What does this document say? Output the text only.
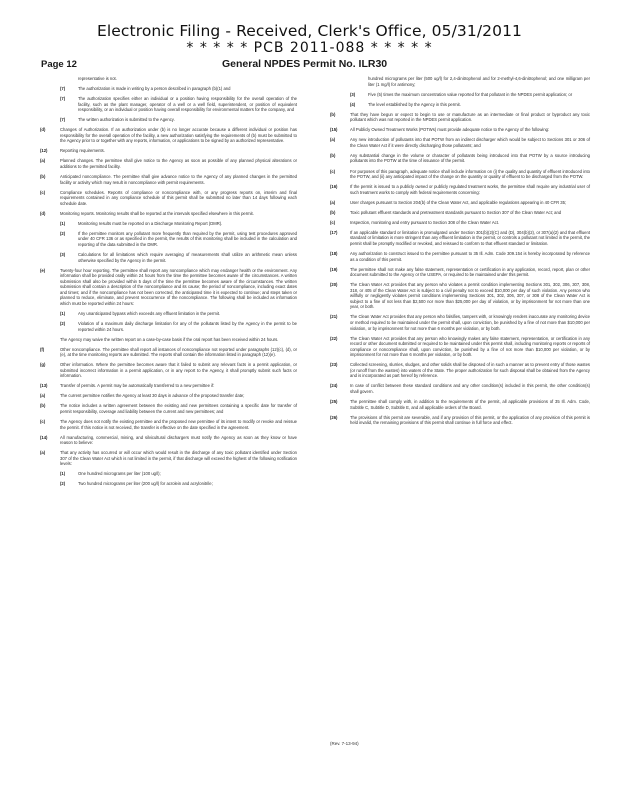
Electronic Filing - Received, Clerk's Office, 05/31/2011
* * * * * PCB 2011-088 * * * * *
Page 12	General NPDES Permit No. ILR30
representative is not.
(7)	The authorization is made in writing by a person described in paragraph (b)(1) and
(7)	The authorization specifies either an individual or a position having responsibility for the overall operation of the facility, such as the plant manager, operator of a well or a well field, superintendent, or position of equivalent responsibility, or an individual or position having overall responsibility for environmental matters for the company, and
(7)	The written authorization is submitted to the Agency.
(d)	Changes of Authorization. If an authorization under (b) is no longer accurate because a different individual or position has responsibility for the overall operation of the facility, a new authorization satisfying the requirements of (b) must be submitted to the Agency prior to or together with any reports, information, or applications to be signed by an authorized representative.
(12)	Reporting requirements.
(a)	Planned changes. The permittee shall give notice to the Agency as soon as possible of any planned physical alterations or additions to the permitted facility.
(b)	Anticipated noncompliance. The permittee shall give advance notice to the Agency of any planned changes in the permitted facility or activity which may result in noncompliance with permit requirements.
(c)	Compliance schedules. Reports of compliance or noncompliance with, or any progress reports on, interim and final requirements contained in any compliance schedule of this permit shall be submitted no later than 14 days following each schedule date.
(d)	Monitoring reports. Monitoring results shall be reported at the intervals specified elsewhere in this permit.
(1)	Monitoring results must be reported on a Discharge Monitoring Report (DMR).
(2)	If the permittee monitors any pollutant more frequently than required by the permit, using test procedures approved under 40 CFR 136 or as specified in the permit, the results of this monitoring shall be included in the calculation and reporting of the data submitted in the DMR.
(3)	Calculations for all limitations which require averaging of measurements shall utilize an arithmetic mean unless otherwise specified by the Agency in the permit.
(e)	Twenty-four hour reporting. The permittee shall report any noncompliance which may endanger health or the environment. Any information shall be provided orally within 24 hours from the time the permittee becomes aware of the circumstances. A written submission shall also be provided within 5 days of the time the permittee becomes aware of the circumstances. The written submission shall contain a description of the noncompliance and its cause; the period of noncompliance, including exact dates and times; and if the noncompliance has not been corrected, the anticipated time it is expected to continue; and steps taken or planned to reduce, eliminate, and prevent reoccurrence of the noncompliance. The following shall be included as information which must be reported within 24 hours:
(1)	Any unanticipated bypass which exceeds any effluent limitation in the permit.
(2)	Violation of a maximum daily discharge limitation for any of the pollutants listed by the Agency in the permit to be reported within 24 hours.
The Agency may waive the written report on a case-by-case basis if the oral report has been received within 24 hours.
(f)	Other noncompliance. The permittee shall report all instances of noncompliance not reported under paragraphs (12)(c), (d), or (e), at the time monitoring reports are submitted. The reports shall contain the information listed in paragraph (12)(e).
(g)	Other information. Where the permittee becomes aware that it failed to submit any relevant facts in a permit application, or submitted incorrect information in a permit application, or in any report to the Agency, it shall promptly submit such facts or information.
(13)	Transfer of permits. A permit may be automatically transferred to a new permittee if:
(a)	The current permittee notifies the Agency at least 30 days in advance of the proposed transfer date;
(b)	The notice includes a written agreement between the existing and new permittees containing a specific date for transfer of permit responsibility, coverage and liability between the current and new permittees; and
(c)	The Agency does not notify the existing permittee and the proposed new permittee of its intent to modify or revoke and reissue the permit. If this notice is not received, the transfer is effective on the date specified in the agreement.
(14)	All manufacturing, commercial, mining, and silvicultural dischargers must notify the Agency as soon as they know or have reason to believe:
(a)	That any activity has occurred or will occur which would result in the discharge of any toxic pollutant identified under Section 307 of the Clean Water Act which is not limited in the permit, if that discharge will exceed the highest of the following notification levels:
(1)	One hundred micrograms per liter (100 ug/l);
(2)	Two hundred micrograms per liter (200 ug/l) for acrolein and acrylonitrile;
hundred micrograms per liter (500 ug/l) for 2,4-dinitrophenol and for 2-methyl-4,6-dinitrophenol; and one milligram per liter (1 mg/l) for antimony;
(3)	Five (5) times the maximum concentration value reported for that pollutant in the NPDES permit application; or
(4)	The level established by the Agency in this permit.
(b)	That they have begun or expect to begin to use or manufacture as an intermediate or final product or byproduct any toxic pollutant which was not reported in the NPDES permit application.
(15)	All Publicly Owned Treatment Works (POTWs) must provide adequate notice to the Agency of the following:
(a)	Any new introduction of pollutants into that POTW from an indirect discharger which would be subject to Sections 301 or 306 of the Clean Water Act if it were directly discharging those pollutants; and
(b)	Any substantial change in the volume or character of pollutants being introduced into that POTW by a source introducing pollutants into the POTW at the time of issuance of the permit.
(c)	For purposes of this paragraph, adequate notice shall include information on (i) the quality and quantity of effluent introduced into the POTW, and (ii) any anticipated impact of the change on the quantity or quality of effluent to be discharged from the POTW.
(16)	If the permit is issued to a publicly owned or publicly regulated treatment works, the permittee shall require any industrial user of such treatment works to comply with federal requirements concerning:
(a)	User charges pursuant to Section 204(b) of the Clean Water Act, and applicable regulations appearing in 40 CFR 35;
(b)	Toxic pollutant effluent standards and pretreatment standards pursuant to Section 307 of the Clean Water Act; and
(c)	Inspection, monitoring and entry pursuant to Section 308 of the Clean Water Act.
(17)	If an applicable standard or limitation is promulgated under Section 301(b)(2)(C) and (D), 304(b)(2), or 307(a)(2) and that effluent standard or limitation is more stringent than any effluent limitation in the permit, or controls a pollutant not limited in the permit, the permit shall be promptly modified or revoked, and reissued to conform to that effluent standard or limitation.
(18)	Any authorization to construct issued to the permittee pursuant to 35 Ill. Adm. Code 309.154 is hereby incorporated by reference as a condition of this permit.
(19)	The permittee shall not make any false statement, representation or certification in any application, record, report, plan or other document submitted to the Agency or the USEPA, or required to be maintained under this permit.
(20)	The Clean Water Act provides that any person who violates a permit condition implementing Sections 301, 302, 306, 307, 308, 318, or 405 of the Clean Water Act is subject to a civil penalty not to exceed $10,000 per day of such violation. Any person who willfully or negligently violates permit conditions implementing Sections 301, 302, 306, 307, or 308 of the Clean Water Act is subject to a fine of not less than $2,500 nor more than $25,000 per day of violation, or by imprisonment for not more than one year, or both.
(21)	The Clean Water Act provides that any person who falsifies, tampers with, or knowingly renders inaccurate any monitoring device or method required to be maintained under the permit shall, upon conviction, be punished by a fine of not more than $10,000 per violation, or by imprisonment for not more than 6 months per violation, or by both.
(22)	The Clean Water Act provides that any person who knowingly makes any false statement, representation, or certification in any record or other document submitted or required to be maintained under this permit shall, including monitoring reports or reports of compliance or noncompliance shall, upon conviction, be punished by a fine of not more than $10,000 per violation, or by imprisonment for not more than 6 months per violation, or by both.
(23)	Collected screening, slurries, sludges, and other solids shall be disposed of in such a manner as to prevent entry of those wastes (or runoff from the wastes) into waters of the State. The proper authorization for such disposal shall be obtained from the Agency and is incorporated as part hereof by reference.
(24)	In case of conflict between these standard conditions and any other condition(s) included in this permit, the other condition(s) shall govern.
(25)	The permittee shall comply with, in addition to the requirements of the permit, all applicable provisions of 35 Ill. Adm. Code, Subtitle C, Subtitle D, Subtitle E, and all applicable orders of the Board.
(26)	The provisions of this permit are severable, and if any provision of this permit, or the application of any provision of this permit is held invalid, the remaining provisions of this permit shall continue in full force and effect.
(Rev. 7-13-94)
